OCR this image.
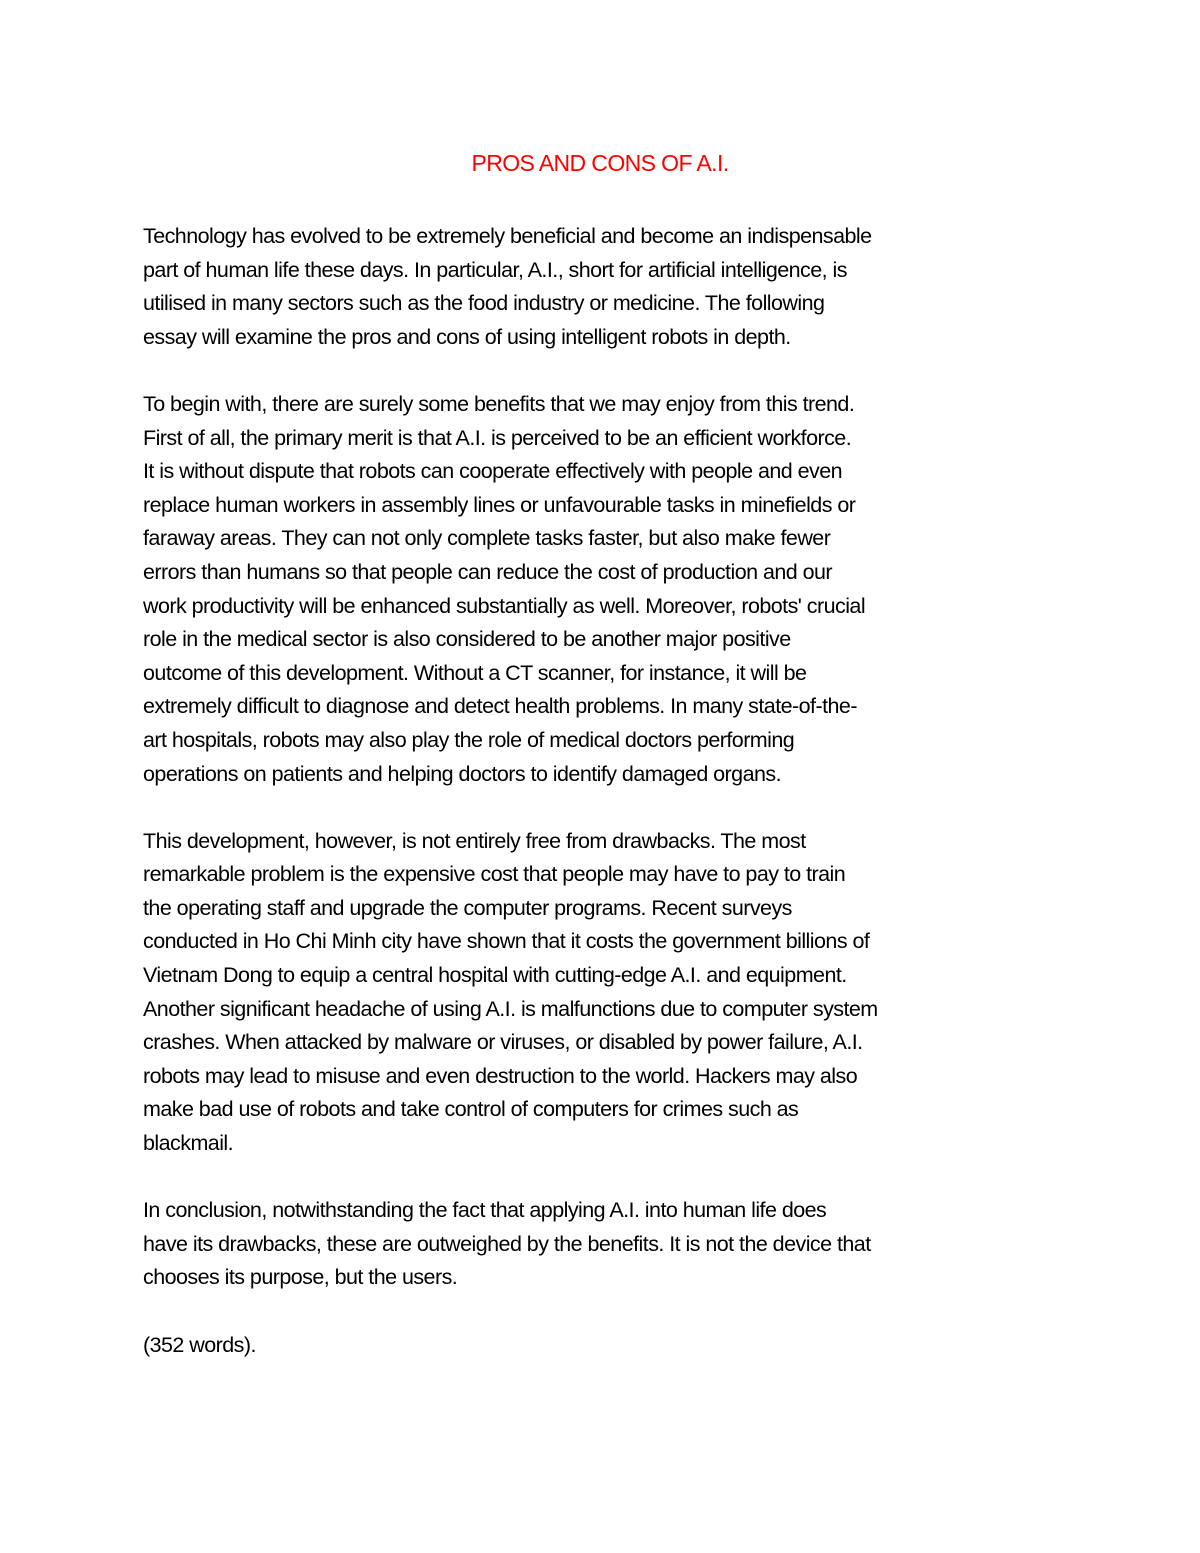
PROS AND CONS OF A.I.

Technology has evolved to be extremely beneficial and become an indispensable
part of human life these days. In particular, A.I., short for artificial intelligence, is
utilised in many sectors such as the food industry or medicine. The following
essay will examine the pros and cons of using intelligent robots in depth.

To begin with, there are surely some benefits that we may enjoy from this trend.
First of all, the primary merit is that A.I. is perceived to be an efficient workforce.
It is without dispute that robots can cooperate effectively with people and even
replace human workers in assembly lines or unfavourable tasks in minefields or
faraway areas. They can not only complete tasks faster, but also make fewer
errors than humans so that people can reduce the cost of production and our
work productivity will be enhanced substantially as well. Moreover, robots' crucial
role in the medical sector is also considered to be another major positive
outcome of this development. Without a CT scanner, for instance, it will be
extremely difficult to diagnose and detect health problems. In many state-of-the-
art hospitals, robots may also play the role of medical doctors performing
operations on patients and helping doctors to identify damaged organs.

This development, however, is not entirely free from drawbacks. The most
remarkable problem is the expensive cost that people may have to pay to train
the operating staff and upgrade the computer programs. Recent surveys
conducted in Ho Chi Minh city have shown that it costs the government billions of
Vietnam Dong to equip a central hospital with cutting-edge A.I. and equipment.
Another significant headache of using A.I. is malfunctions due to computer system
crashes. When attacked by malware or viruses, or disabled by power failure, A.I.
robots may lead to misuse and even destruction to the world. Hackers may also
make bad use of robots and take control of computers for crimes such as
blackmail.

In conclusion, notwithstanding the fact that applying A.I. into human life does
have its drawbacks, these are outweighed by the benefits. It is not the device that
chooses its purpose, but the users.

(352 words).
